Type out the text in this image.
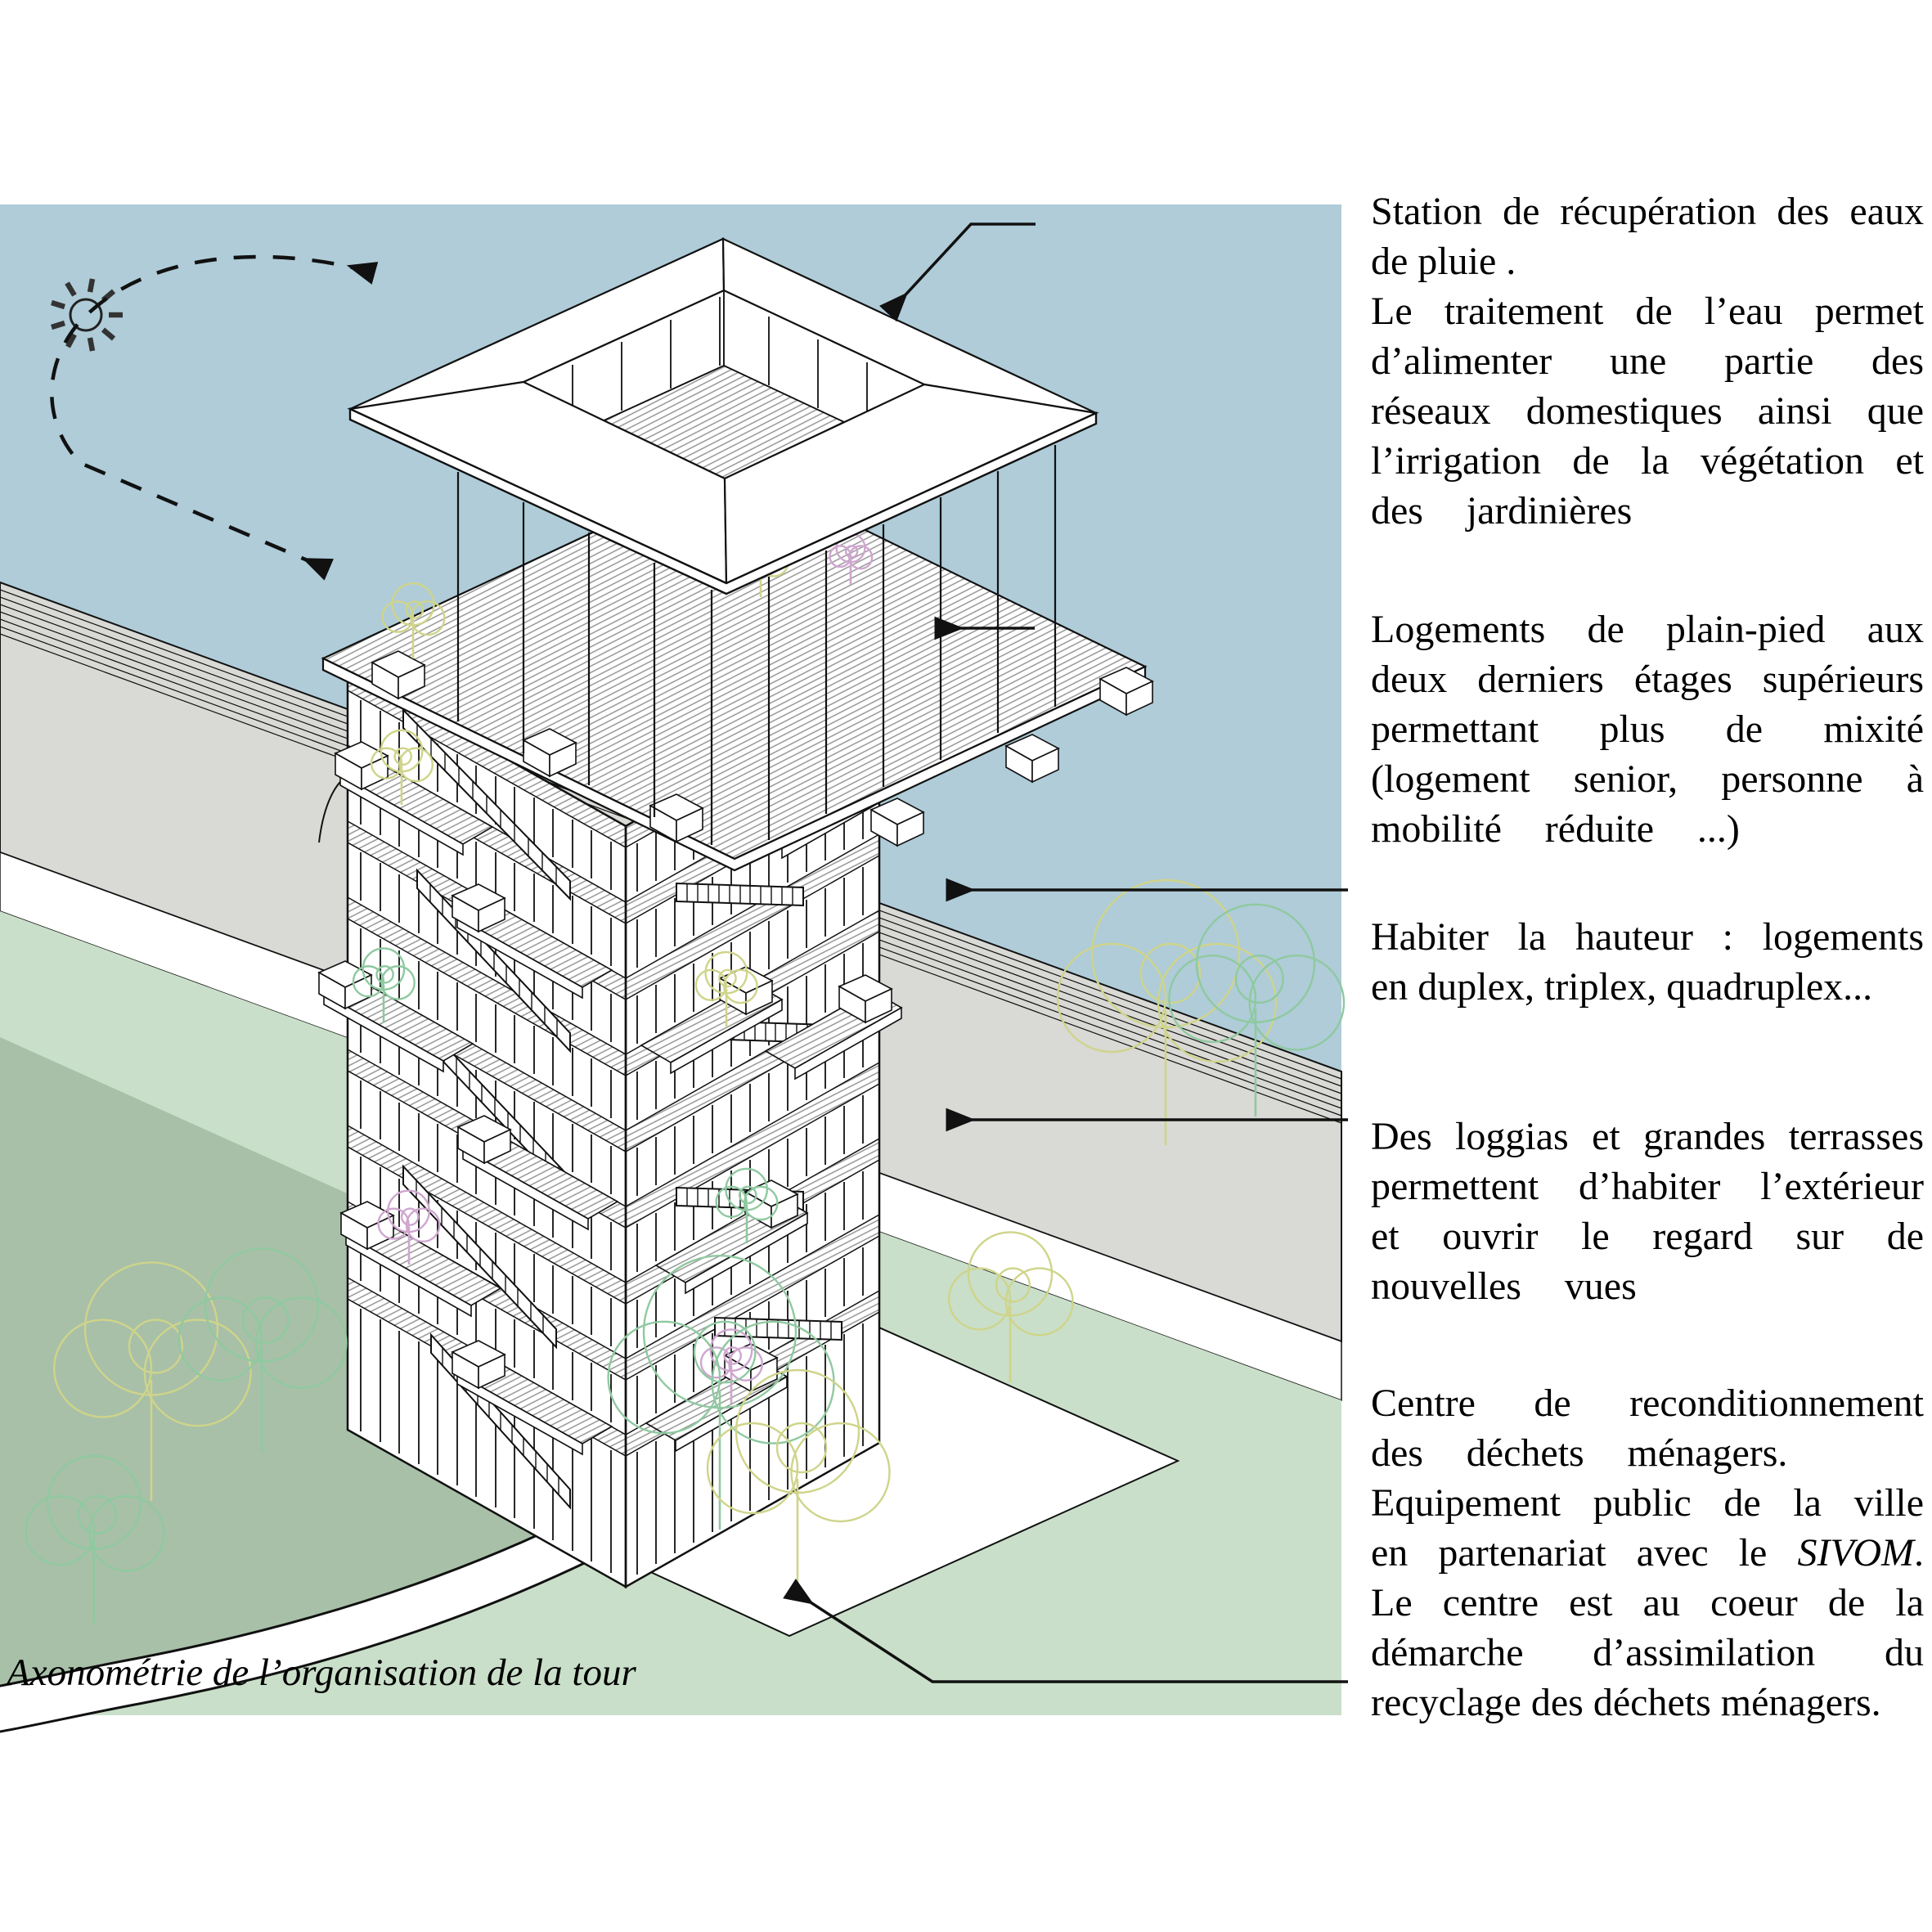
Station de récupération des eaux
de pluie .
Le traitement de l’eau permet
d’alimenter une partie des
réseaux domestiques ainsi que
l’irrigation de la végétation et
des jardinières
Logements de plain-pied aux
deux derniers étages supérieurs
permettant plus de mixité
(logement senior, personne à
mobilité réduite ...)
Habiter la hauteur : logements
en duplex, triplex, quadruplex...
Des loggias et grandes terrasses
permettent d’habiter l’extérieur
et ouvrir le regard sur de
nouvelles vues
Centre de reconditionnement
des déchets ménagers.
Equipement public de la ville
en partenariat avec le SIVOM.
Le centre est au coeur de la
démarche d’assimilation du
recyclage des déchets ménagers.
Axonométrie de l’organisation de la tour
